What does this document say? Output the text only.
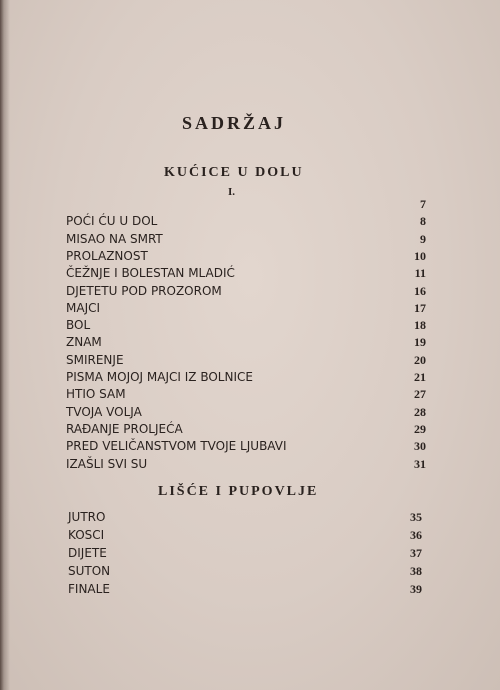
SADRŽAJ
KUĆICE U DOLU
I.
7
POĆI ĆU U DOL	8
MISAO NA SMRT	9
PROLAZNOST	10
ČEŽNJE I BOLESTAN MLADIĆ	11
DJETETU POD PROZOROM	16
MAJCI	17
BOL	18
ZNAM	19
SMIRENJE	20
PISMA MOJOJ MAJCI IZ BOLNICE	21
HTIO SAM	27
TVOJA VOLJA	28
RAĐANJE PROLJEĆA	29
PRED VELIČANSTVOM TVOJE LJUBAVI	30
IZAŠLI SVI SU	31
LIŠĆE I PUPOVLJE
JUTRO	35
KOSCI	36
DIJETE	37
SUTON	38
FINALE	39
